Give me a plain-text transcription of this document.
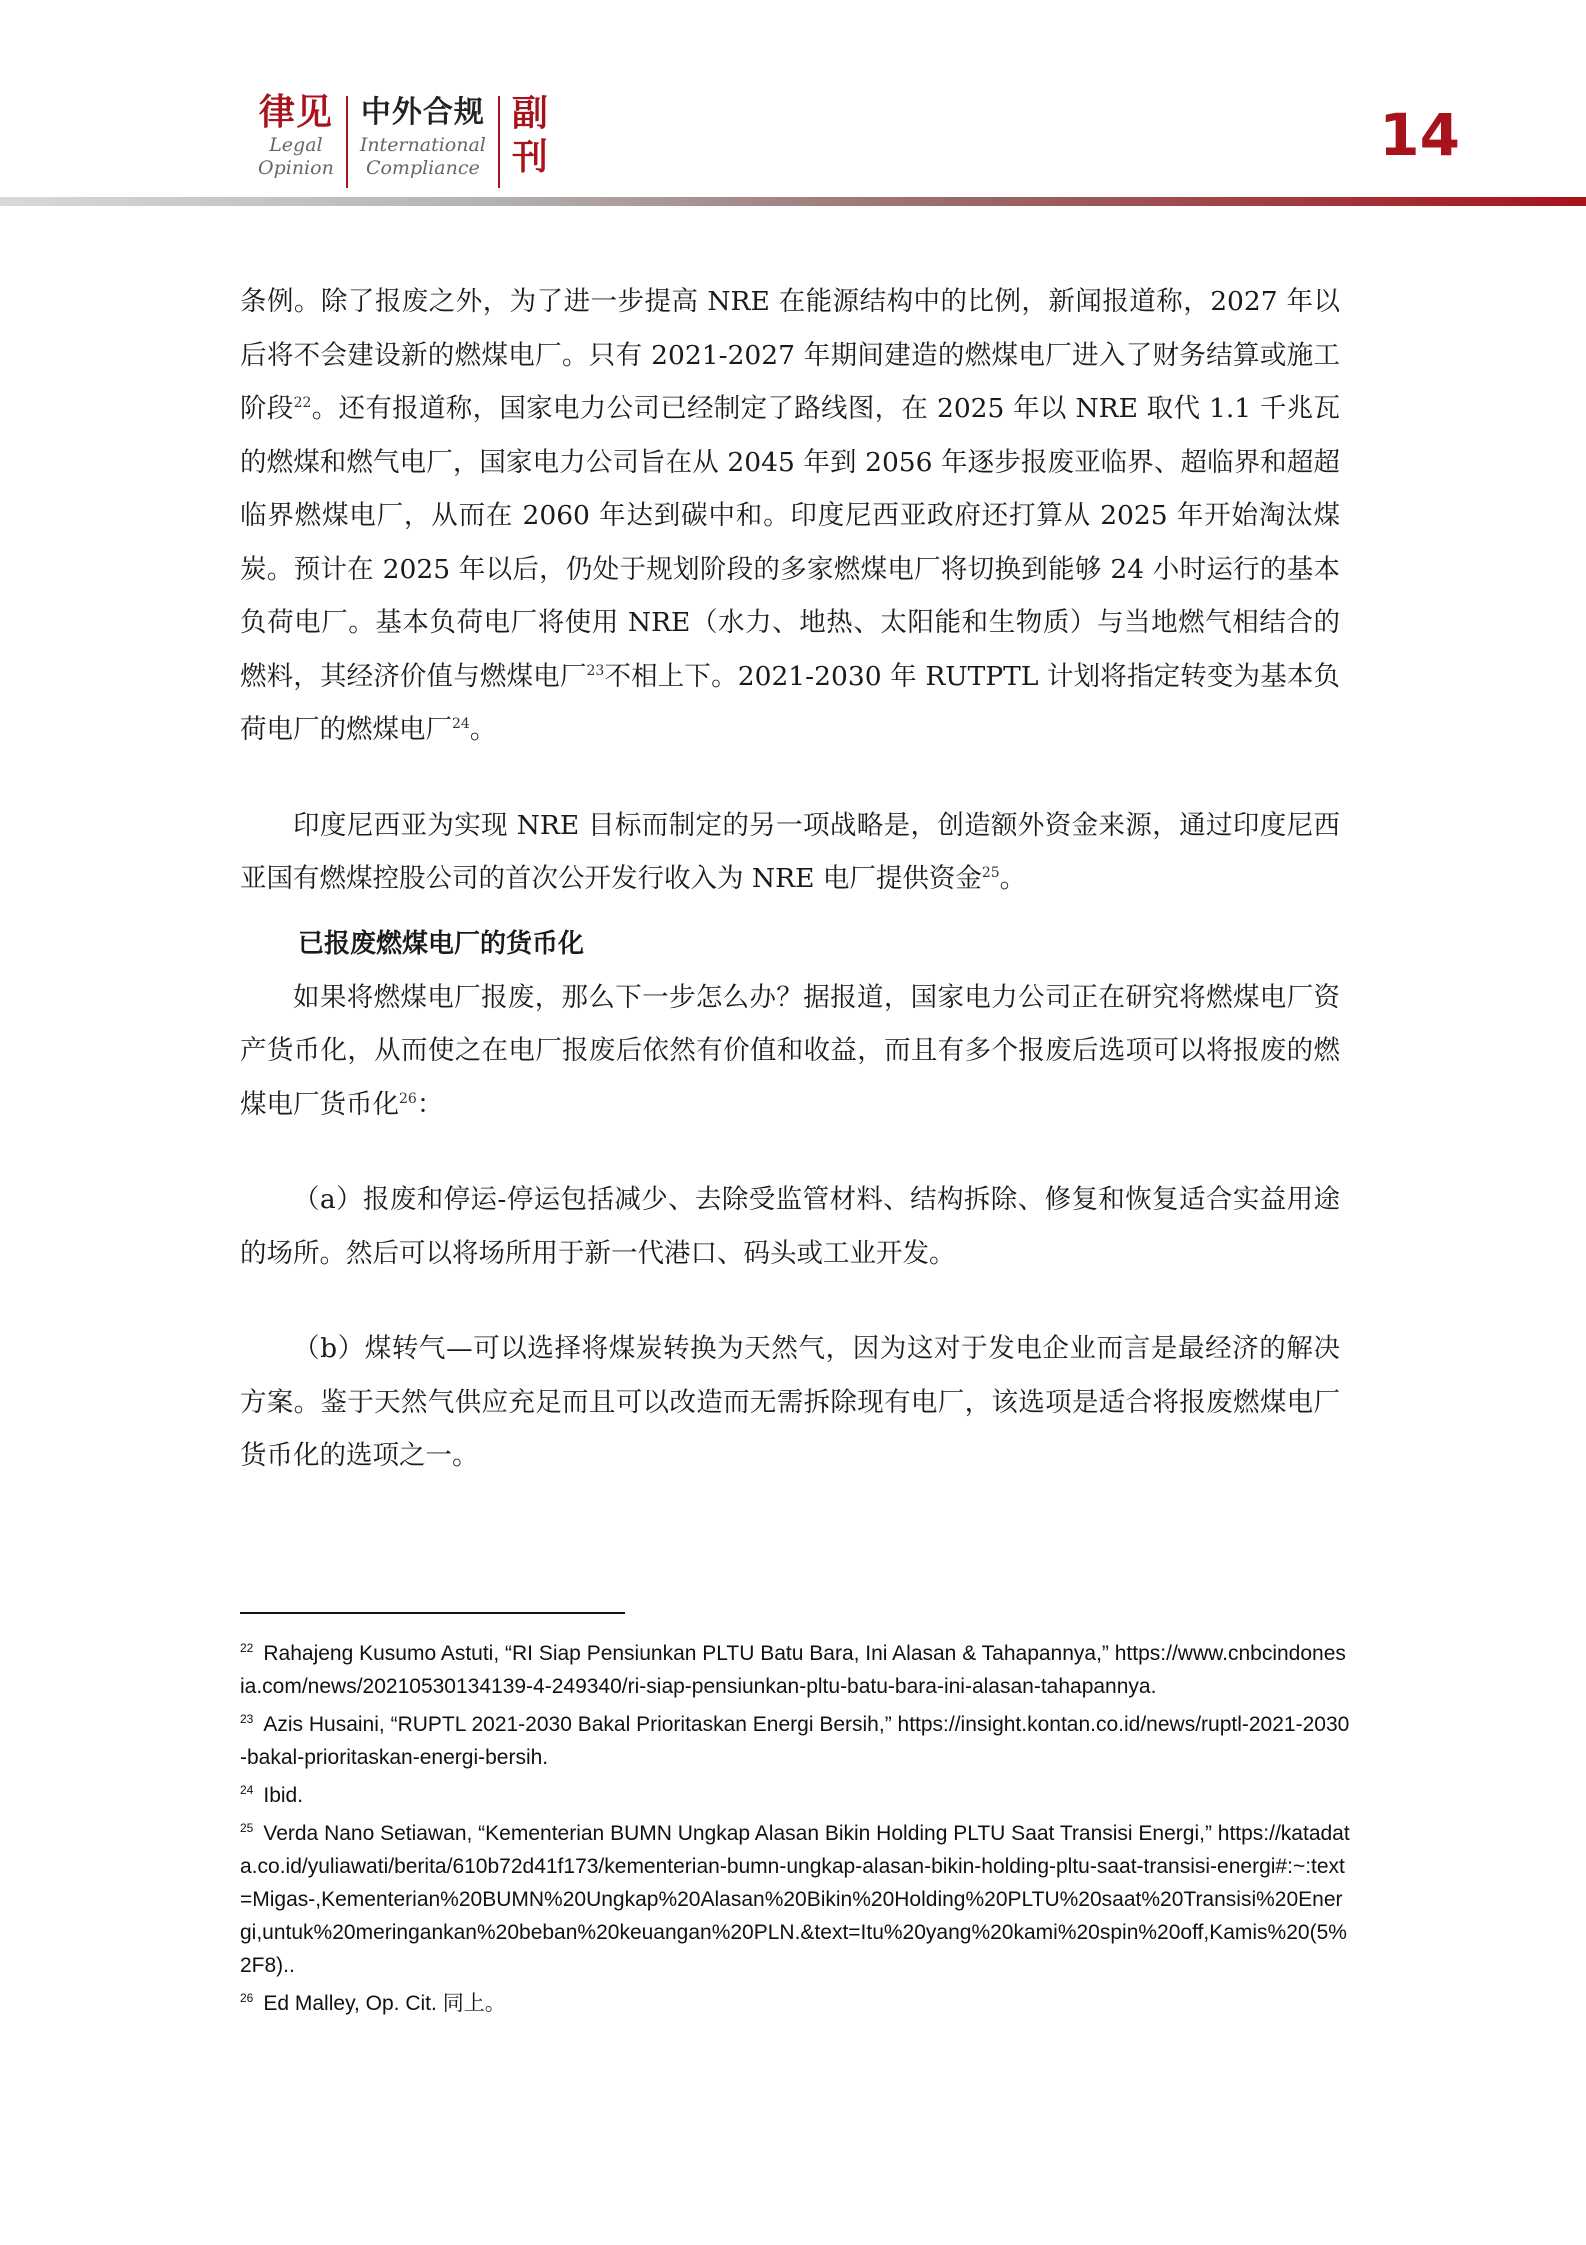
律见
Legal
Opinion
中外合规
International
Compliance
副
刊	14

条例。除了报废之外，为了进一步提高 NRE 在能源结构中的比例，新闻报道称，2027 年以后将不会建设新的燃煤电厂。只有 2021-2027 年期间建造的燃煤电厂进入了财务结算或施工阶段$^{22}$。还有报道称，国家电力公司已经制定了路线图，在 2025 年以 NRE 取代 1.1 千兆瓦的燃煤和燃气电厂，国家电力公司旨在从 2045 年到 2056 年逐步报废亚临界、超临界和超超临界燃煤电厂，从而在 2060 年达到碳中和。印度尼西亚政府还打算从 2025 年开始淘汰煤炭。预计在 2025 年以后，仍处于规划阶段的多家燃煤电厂将切换到能够 24 小时运行的基本负荷电厂。基本负荷电厂将使用 NRE（水力、地热、太阳能和生物质）与当地燃气相结合的燃料，其经济价值与燃煤电厂$^{23}$不相上下。2021-2030 年 RUTPTL 计划将指定转变为基本负荷电厂的燃煤电厂$^{24}$。

印度尼西亚为实现 NRE 目标而制定的另一项战略是，创造额外资金来源，通过印度尼西亚国有燃煤控股公司的首次公开发行收入为 NRE 电厂提供资金$^{25}$。

已报废燃煤电厂的货币化

如果将燃煤电厂报废，那么下一步怎么办？据报道，国家电力公司正在研究将燃煤电厂资产货币化，从而使之在电厂报废后依然有价值和收益，而且有多个报废后选项可以将报废的燃煤电厂货币化$^{26}$：

（a）报废和停运-停运包括减少、去除受监管材料、结构拆除、修复和恢复适合实益用途的场所。然后可以将场所用于新一代港口、码头或工业开发。

（b）煤转气—可以选择将煤炭转换为天然气，因为这对于发电企业而言是最经济的解决方案。鉴于天然气供应充足而且可以改造而无需拆除现有电厂，该选项是适合将报废燃煤电厂货币化的选项之一。

$^{22}$ Rahajeng Kusumo Astuti, “RI Siap Pensiunkan PLTU Batu Bara, Ini Alasan & Tahapannya,” https://www.cnbcindonesia.com/news/20210530134139-4-249340/ri-siap-pensiunkan-pltu-batu-bara-ini-alasan-tahapannya.

$^{23}$ Azis Husaini, “RUPTL 2021-2030 Bakal Prioritaskan Energi Bersih,” https://insight.kontan.co.id/news/ruptl-2021-2030-bakal-prioritaskan-energi-bersih.

$^{24}$ Ibid.

$^{25}$ Verda Nano Setiawan, “Kementerian BUMN Ungkap Alasan Bikin Holding PLTU Saat Transisi Energi,” https://katadata.co.id/yuliawati/berita/610b72d41f173/kementerian-bumn-ungkap-alasan-bikin-holding-pltu-saat-transisi-energi#:~:text=Migas-,Kementerian%20BUMN%20Ungkap%20Alasan%20Bikin%20Holding%20PLTU%20saat%20Transisi%20Energi,untuk%20meringankan%20beban%20keuangan%20PLN.&text=Itu%20yang%20kami%20spin%20off,Kamis%20(5%2F8)..

$^{26}$ Ed Malley, Op. Cit. 同上。
